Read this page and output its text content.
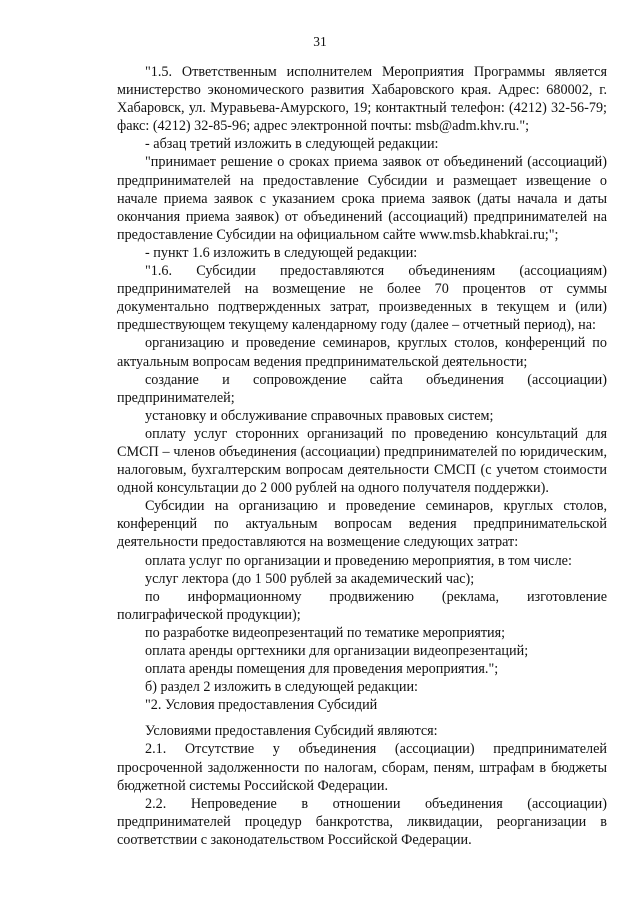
31

"1.5. Ответственным исполнителем Мероприятия Программы является министерство экономического развития Хабаровского края. Адрес: 680002, г. Хабаровск, ул. Муравьева-Амурского, 19; контактный телефон: (4212) 32-56-79; факс: (4212) 32-85-96; адрес электронной почты: msb@adm.khv.ru.";

- абзац третий изложить в следующей редакции:

"принимает решение о сроках приема заявок от объединений (ассоциаций) предпринимателей на предоставление Субсидии и размещает извещение о начале приема заявок с указанием срока приема заявок (даты начала и даты окончания приема заявок) от объединений (ассоциаций) предпринимателей на предоставление Субсидии на официальном сайте www.msb.khabkrai.ru;";

- пункт 1.6 изложить в следующей редакции:

"1.6. Субсидии предоставляются объединениям (ассоциациям) предпринимателей на возмещение не более 70 процентов от суммы документально подтвержденных затрат, произведенных в текущем и (или) предшествующем текущему календарному году (далее – отчетный период), на:

организацию и проведение семинаров, круглых столов, конференций по актуальным вопросам ведения предпринимательской деятельности;

создание и сопровождение сайта объединения (ассоциации) предпринимателей;

установку и обслуживание справочных правовых систем;

оплату услуг сторонних организаций по проведению консультаций для СМСП – членов объединения (ассоциации) предпринимателей по юридическим, налоговым, бухгалтерским вопросам деятельности СМСП (с учетом стоимости одной консультации до 2 000 рублей на одного получателя поддержки).

Субсидии на организацию и проведение семинаров, круглых столов, конференций по актуальным вопросам ведения предпринимательской деятельности предоставляются на возмещение следующих затрат:

оплата услуг по организации и проведению мероприятия, в том числе:

услуг лектора (до 1 500 рублей за академический час);

по информационному продвижению (реклама, изготовление полиграфической продукции);

по разработке видеопрезентаций по тематике мероприятия;

оплата аренды оргтехники для организации видеопрезентаций;

оплата аренды помещения для проведения мероприятия.";

б) раздел 2 изложить в следующей редакции:

"2. Условия предоставления Субсидий

Условиями предоставления Субсидий являются:

2.1. Отсутствие у объединения (ассоциации) предпринимателей просроченной задолженности по налогам, сборам, пеням, штрафам в бюджеты бюджетной системы Российской Федерации.

2.2. Непроведение в отношении объединения (ассоциации) предпринимателей процедур банкротства, ликвидации, реорганизации в соответствии с законодательством Российской Федерации.
